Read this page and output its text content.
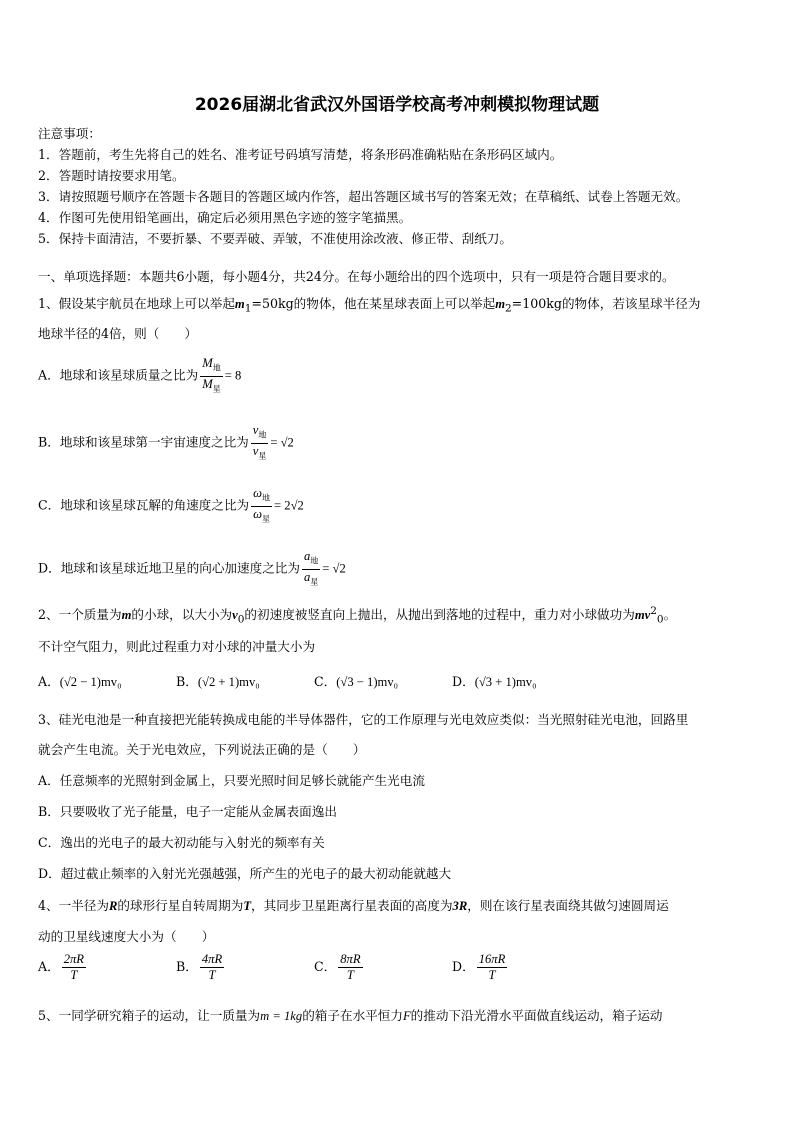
2026届湖北省武汉外国语学校高考冲刺模拟物理试题
注意事项：
1．答题前，考生先将自己的姓名、准考证号码填写清楚，将条形码准确粘贴在条形码区域内。
2．答题时请按要求用笔。
3．请按照题号顺序在答题卡各题目的答题区域内作答，超出答题区域书写的答案无效；在草稿纸、试卷上答题无效。
4．作图可先使用铅笔画出，确定后必须用黑色字迹的签字笔描黑。
5．保持卡面清洁，不要折暴、不要弄破、弄皱，不准使用涂改液、修正带、刮纸刀。
一、单项选择题：本题共6小题，每小题4分，共24分。在每小题给出的四个选项中，只有一项是符合题目要求的。
1、假设某宇航员在地球上可以举起$m_1=50kg$的物体，他在某星球表面上可以举起$m_2=100kg$的物体，若该星球半径为
地球半径的4倍，则（　　）
A．地球和该星球质量之比为 $\frac{M_地}{M_星} = 8$
B．地球和该星球第一宇宙速度之比为 $\frac{v_地}{v_星} = √2$
C．地球和该星球瓦解的角速度之比为 $\frac{\omega_地}{\omega_星} = 2√2$
D．地球和该星球近地卫星的向心加速度之比为 $\frac{a_地}{a_星} = √2$
2、一个质量为m的小球，以大小为$v_0$的初速度被竖直向上抛出，从抛出到落地的过程中，重力对小球做功为$mv^2_0$。
不计空气阻力，则此过程重力对小球的冲量大小为
A．(√2 − 1)mv₀	B．(√2 + 1)mv₀	C．(√3 − 1)mv₀	D．(√3 + 1)mv₀
3、硅光电池是一种直接把光能转换成电能的半导体器件，它的工作原理与光电效应类似：当光照射硅光电池，回路里
就会产生电流。关于光电效应，下列说法正确的是（　　）
A．任意频率的光照射到金属上，只要光照时间足够长就能产生光电流
B．只要吸收了光子能量，电子一定能从金属表面逸出
C．逸出的光电子的最大初动能与入射光的频率有关
D．超过截止频率的入射光光强越强，所产生的光电子的最大初动能就越大
4、一半径为R的球形行星自转周期为T，其同步卫星距离行星表面的高度为3R，则在该行星表面绕其做匀速圆周运
动的卫星线速度大小为（　　）
A． $\frac{2\pi R}{T}$	B． $\frac{4\pi R}{T}$	C． $\frac{8\pi R}{T}$	D． $\frac{16\pi R}{T}$
5、一同学研究箱子的运动，让一质量为m = 1kg的箱子在水平恒力F的推动下沿光滑水平面做直线运动，箱子运动
